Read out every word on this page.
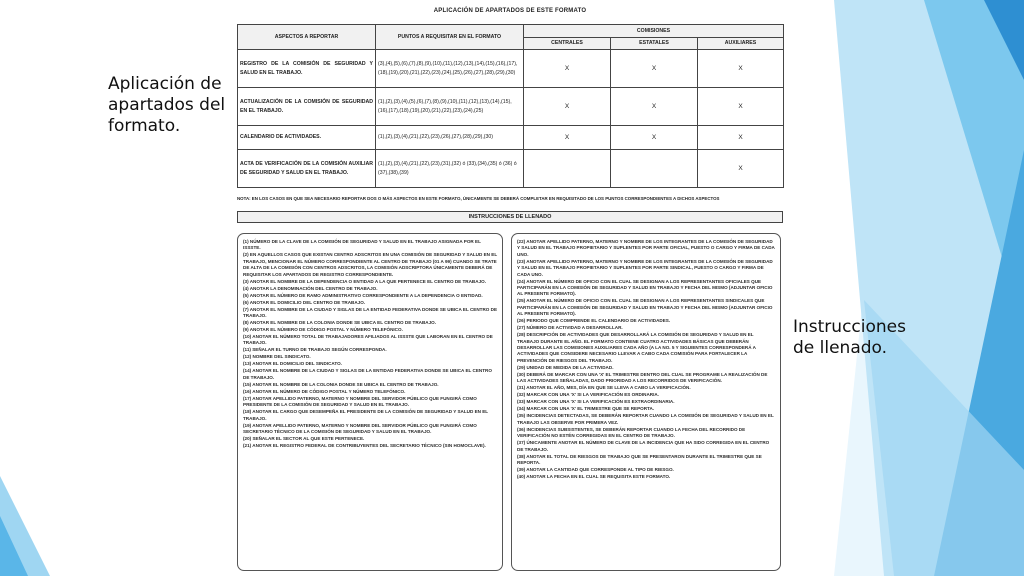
Aplicación de
apartados del
formato.
Instrucciones
de llenado.
APLICACIÓN DE APARTADOS DE ESTE FORMATO
ASPECTOS A REPORTAR	PUNTOS A REQUISITAR EN EL FORMATO	COMISIONES		
		CENTRALES	ESTATALES	AUXILIARES
REGISTRO DE LA COMISIÓN DE SEGURIDAD Y SALUD EN EL TRABAJO.	(3),(4),(5),(6),(7),(8),(9),(10),(11),(12),(13),(14),(15),(16),(17),(18),(19),(20),(21),(22),(23),(24),(25),(26),(27),(28),(29),(30)	X	X	X
ACTUALIZACIÓN DE LA COMISIÓN DE SEGURIDAD EN EL TRABAJO.	(1),(2),(3),(4),(5),(6),(7),(8),(9),(10),(11),(12),(13),(14),(15),(16),(17),(18),(19),(20),(21),(22),(23),(24),(25)	X	X	X
CALENDARIO DE ACTIVIDADES.	(1),(2),(3),(4),(21),(22),(23),(26),(27),(28),(29),(30)	X	X	X
ACTA DE VERIFICACIÓN DE LA COMISIÓN AUXILIAR DE SEGURIDAD Y SALUD EN EL TRABAJO.	(1),(2),(3),(4),(21),(22),(23),(31),(32) ó (33),(34),(35) ó (36) ó (37),(38),(39)			X
NOTA: EN LOS CASOS EN QUE SEA NECESARIO REPORTAR DOS O MÁS ASPECTOS EN ESTE FORMATO, ÚNICAMENTE SE DEBERÁ COMPLETAR EN REQUISITADO DE LOS PUNTOS CORRESPONDIENTES A DICHOS ASPECTOS
INSTRUCCIONES DE LLENADO
(1) NÚMERO DE LA CLAVE DE LA COMISIÓN DE SEGURIDAD Y SALUD EN EL TRABAJO ASIGNADA POR EL ISSSTE.
(2) EN AQUELLOS CASOS QUE EXISTAN CENTRO ADSCRITOS EN UNA COMISIÓN DE SEGURIDAD Y SALUD EN EL TRABAJO, MENCIONAR EL NÚMERO CORRESPONDIENTE AL CENTRO DE TRABAJO (01 A 99) CUANDO SE TRATE DE ALTA DE LA COMISIÓN CON CENTROS ADSCRITOS, LA COMISIÓN ADSCRIPTORA ÚNICAMENTE DEBERÁ DE REQUISITAR LOS APARTADOS DE REGISTRO CORRESPONDIENTE.
(3) ANOTAR EL NOMBRE DE LA DEPENDENCIA O ENTIDAD A LA QUE PERTENECE EL CENTRO DE TRABAJO.
(4) ANOTAR LA DENOMINACIÓN DEL CENTRO DE TRABAJO.
(5) ANOTAR EL NÚMERO DE RAMO ADMINISTRATIVO CORRESPONDIENTE A LA DEPENDENCIA O ENTIDAD.
(6) ANOTAR EL DOMICILIO DEL CENTRO DE TRABAJO.
(7) ANOTAR EL NOMBRE DE LA CIUDAD Y SIGLAS DE LA ENTIDAD FEDERATIVA DONDE SE UBICA EL CENTRO DE TRABAJO.
(8) ANOTAR EL NOMBRE DE LA COLONIA DONDE SE UBICA EL CENTRO DE TRABAJO.
(9) ANOTAR EL NÚMERO DE CÓDIGO POSTAL Y NÚMERO TELEFÓNICO.
(10) ANOTAR EL NÚMERO TOTAL DE TRABAJADORES AFILIADOS AL ISSSTE QUE LABORAN EN EL CENTRO DE TRABAJO.
(11) SEÑALAR EL TURNO DE TRABAJO SEGÚN CORRESPONDA.
(12) NOMBRE DEL SINDICATO.
(13) ANOTAR EL DOMICILIO DEL SINDICATO.
(14) ANOTAR EL NOMBRE DE LA CIUDAD Y SIGLAS DE LA ENTIDAD FEDERATIVA DONDE SE UBICA EL CENTRO DE TRABAJO.
(15) ANOTAR EL NOMBRE DE LA COLONIA DONDE SE UBICA EL CENTRO DE TRABAJO.
(16) ANOTAR EL NÚMERO DE CÓDIGO POSTAL Y NÚMERO TELEFÓNICO.
(17) ANOTAR APELLIDO PATERNO, MATERNO Y NOMBRE DEL SERVIDOR PÚBLICO QUE FUNGIRÁ COMO PRESIDENTE DE LA COMISIÓN DE SEGURIDAD Y SALUD EN EL TRABAJO.
(18) ANOTAR EL CARGO QUE DESEMPEÑA EL PRESIDENTE DE LA COMISIÓN DE SEGURIDAD Y SALUD EN EL TRABAJO.
(19) ANOTAR APELLIDO PATERNO, MATERNO Y NOMBRE DEL SERVIDOR PÚBLICO QUE FUNGIRÁ COMO SECRETARIO TÉCNICO DE LA COMISIÓN DE SEGURIDAD Y SALUD EN EL TRABAJO.
(20) SEÑALAR EL SECTOR AL QUE ESTE PERTENECE.
(21) ANOTAR EL REGISTRO FEDERAL DE CONTRIBUYENTES DEL SECRETARIO TÉCNICO (SIN HOMOCLAVE).
(22) ANOTAR APELLIDO PATERNO, MATERNO Y NOMBRE DE LOS INTEGRANTES DE LA COMISIÓN DE SEGURIDAD Y SALUD EN EL TRABAJO PROPIETARIO Y SUPLENTES POR PARTE OFICIAL, PUESTO O CARGO Y FIRMA DE CADA UNO.
(23) ANOTAR APELLIDO PATERNO, MATERNO Y NOMBRE DE LOS INTEGRANTES DE LA COMISIÓN DE SEGURIDAD Y SALUD EN EL TRABAJO PROPIETARIO Y SUPLENTES POR PARTE SINDICAL, PUESTO O CARGO Y FIRMA DE CADA UNO.
(24) ANOTAR EL NÚMERO DE OFICIO CON EL CUAL SE DESIGNAN A LOS REPRESENTANTES OFICIALES QUE PARTICIPARÁN EN LA COMISIÓN DE SEGURIDAD Y SALUD EN TRABAJO Y FECHA DEL MISMO (ADJUNTAR OFICIO AL PRESENTE FORMATO).
(25) ANOTAR EL NÚMERO DE OFICIO CON EL CUAL SE DESIGNAN A LOS REPRESENTANTES SINDICALES QUE PARTICIPARÁN EN LA COMISIÓN DE SEGURIDAD Y SALUD EN TRABAJO Y FECHA DEL MISMO (ADJUNTAR OFICIO AL PRESENTE FORMATO).
(26) PERIODO QUE COMPRENDE EL CALENDARIO DE ACTIVIDADES.
(27) NÚMERO DE ACTIVIDAD A DESARROLLAR.
(28) DESCRIPCIÓN DE ACTIVIDADES QUE DESARROLLARÁ LA COMISIÓN DE SEGURIDAD Y SALUD EN EL TRABAJO DURANTE EL AÑO. EL FORMATO CONTIENE CUATRO ACTIVIDADES BÁSICAS QUE DEBERÁN DESARROLLAR LAS COMISIONES AUXILIARES CADA AÑO (A LA NO. 5 Y SIGUIENTES CORRESPONDERÁ A ACTIVIDADES QUE CONSIDERE NECESARIO LLEVAR A CABO CADA COMISIÓN PARA FORTALECER LA PREVENCIÓN DE RIESGOS DEL TRABAJO.
(29) UNIDAD DE MEDIDA DE LA ACTIVIDAD.
(30) DEBERÁ DE MARCAR CON UNA 'X' EL TRIMESTRE DENTRO DEL CUAL SE PROGRAME LA REALIZACIÓN DE LAS ACTIVIDADES SEÑALADAS, DADO PRIORIDAD A LOS RECORRIDOS DE VERIFICACIÓN.
(31) ANOTAR EL AÑO, MES, DÍA EN QUE SE LLEVA A CABO LA VERIFICACIÓN.
(32) MARCAR CON UNA 'X' SI LA VERIFICACIÓN ES ORDINARIA.
(33) MARCAR CON UNA 'X' SI LA VERIFICACIÓN ES EXTRAORDINARIA.
(34) MARCAR CON UNA 'X' EL TRIMESTRE QUE SE REPORTA.
(35) INCIDENCIAS DETECTADAS, SE DEBERÁN REPORTAR CUANDO LA COMISIÓN DE SEGURIDAD Y SALUD EN EL TRABAJO LAS OBSERVE POR PRIMERA VEZ.
(36) INCIDENCIAS SUBSISTENTES, SE DEBERÁN REPORTAR CUANDO LA FECHA DEL RECORRIDO DE VERIFICACIÓN NO ESTÉN CORREGIDAS EN EL CENTRO DE TRABAJO.
(37) ÚNICAMENTE ANOTAR EL NÚMERO DE CLAVE DE LA INCIDENCIA QUE HA SIDO CORREGIDA EN EL CENTRO DE TRABAJO.
(38) ANOTAR EL TOTAL DE RIESGOS DE TRABAJO QUE SE PRESENTARON DURANTE EL TRIMESTRE QUE SE REPORTA.
(39) ANOTAR LA CANTIDAD QUE CORRESPONDE AL TIPO DE RIESGO.
(40) ANOTAR LA FECHA EN EL CUAL SE REQUISITA ESTE FORMATO.
